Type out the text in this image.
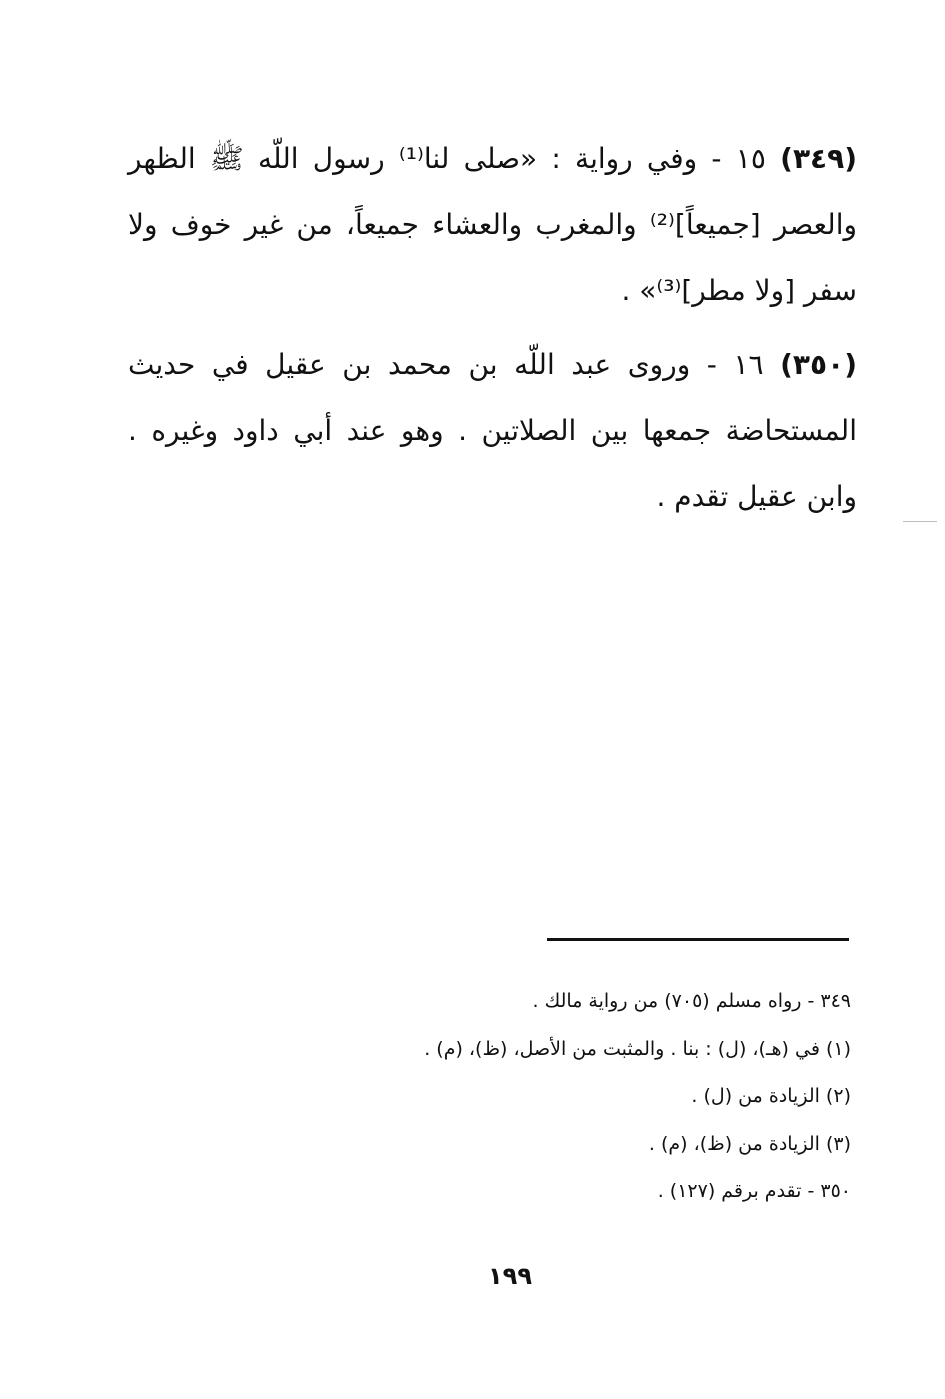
(٣٤٩) ١٥ - وفي رواية : «صلى لنا⁽¹⁾ رسول اللّه ﷺ الظهر والعصر [جميعاً]⁽²⁾ والمغرب والعشاء جميعاً، من غير خوف ولا سفر [ولا مطر]⁽³⁾» .

(٣٥٠) ١٦ - وروى عبد اللّه بن محمد بن عقيل في حديث المستحاضة جمعها بين الصلاتين . وهو عند أبي داود وغيره . وابن عقيل تقدم .

٣٤٩ - رواه مسلم (٧٠٥) من رواية مالك .

(١) في (هـ)، (ل) : بنا . والمثبت من الأصل، (ظ)، (م) .

(٢) الزيادة من (ل) .

(٣) الزيادة من (ظ)، (م) .

٣٥٠ - تقدم برقم (١٢٧) .

١٩٩
